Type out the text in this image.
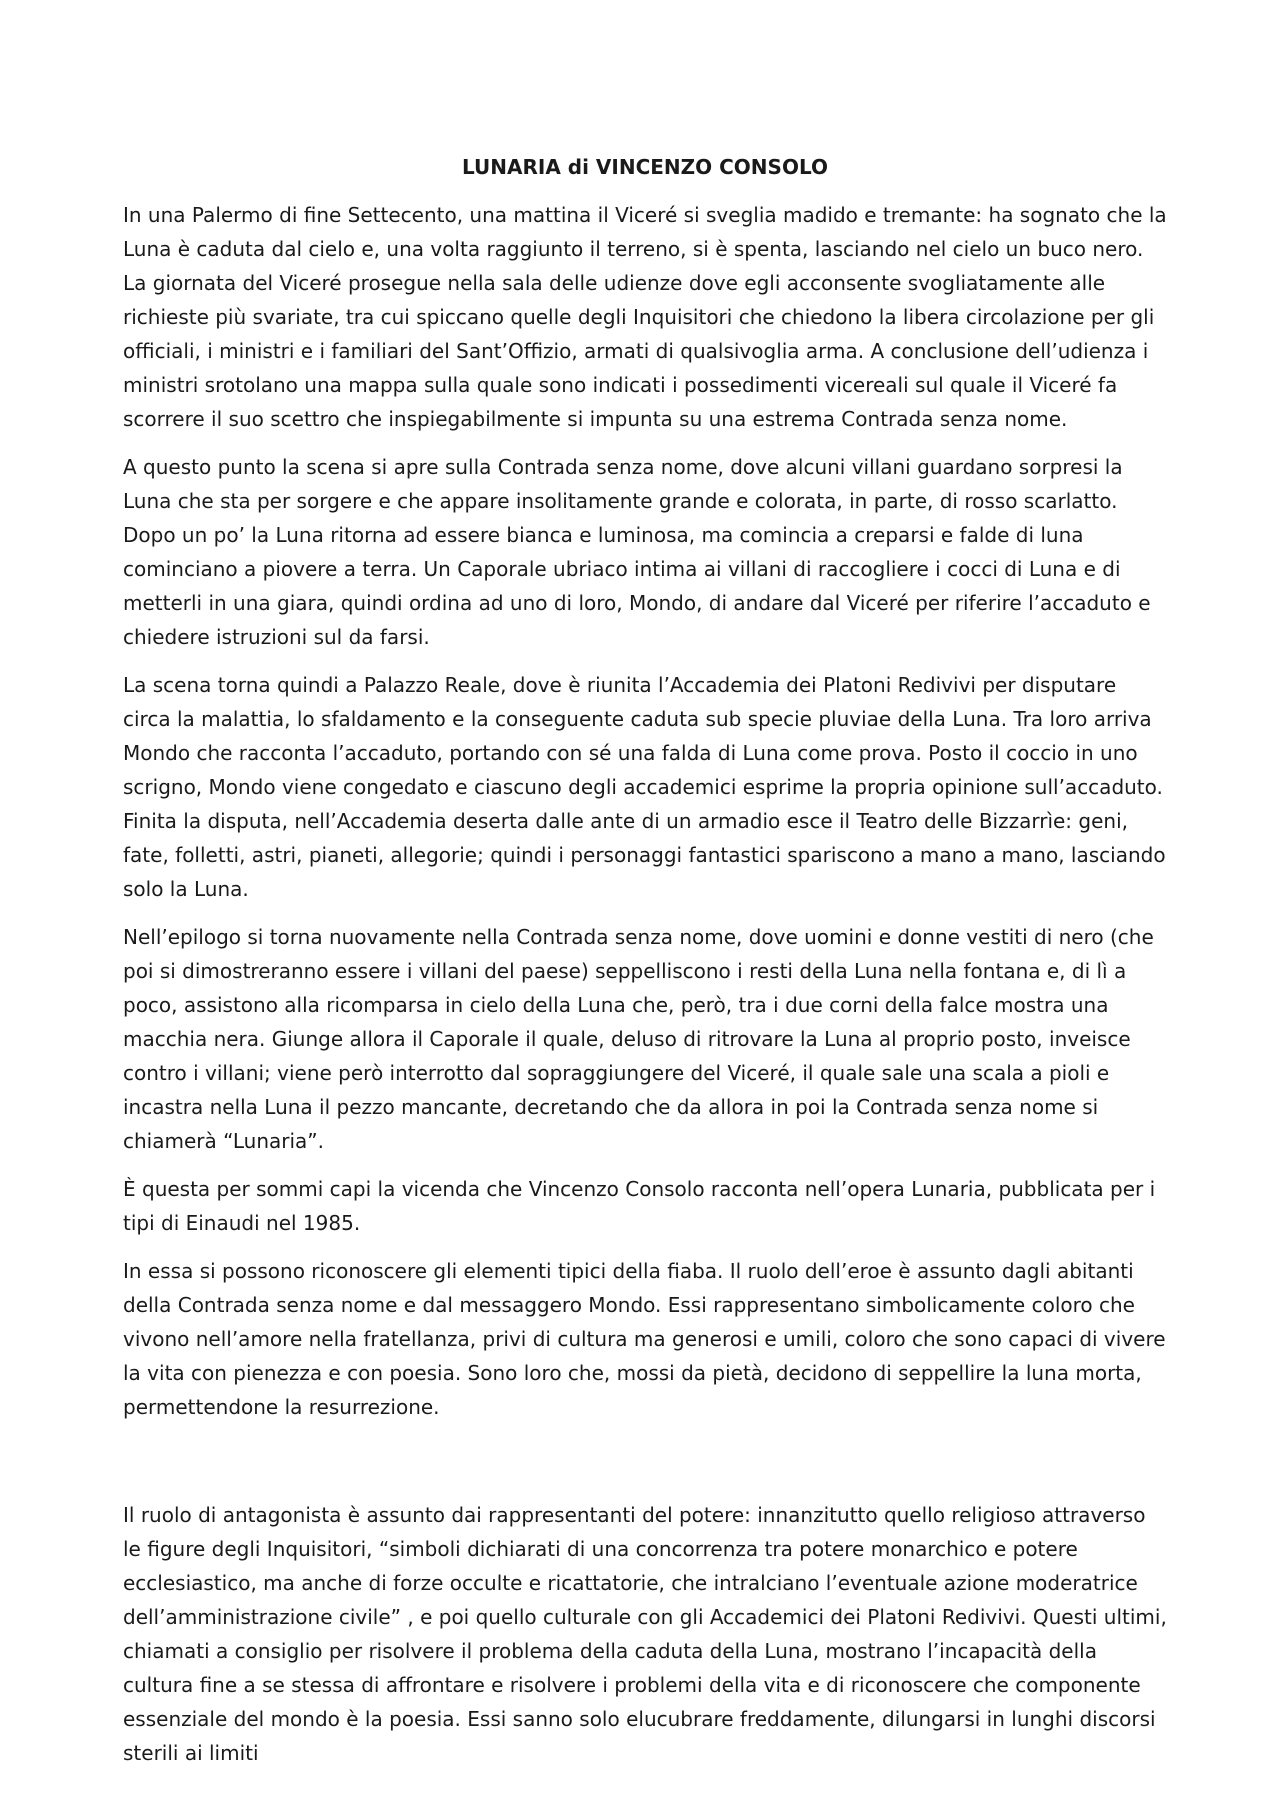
LUNARIA di VINCENZO CONSOLO

In una Palermo di fine Settecento, una mattina il Viceré si sveglia madido e tremante: ha sognato che la Luna è caduta dal cielo e, una volta raggiunto il terreno, si è spenta, lasciando nel cielo un buco nero. La giornata del Viceré prosegue nella sala delle udienze dove egli acconsente svogliatamente alle richieste più svariate, tra cui spiccano quelle degli Inquisitori che chiedono la libera circolazione per gli officiali, i ministri e i familiari del Sant’Offizio, armati di qualsivoglia arma. A conclusione dell’udienza i ministri srotolano una mappa sulla quale sono indicati i possedimenti vicereali sul quale il Viceré fa scorrere il suo scettro che inspiegabilmente si impunta su una estrema Contrada senza nome.

A questo punto la scena si apre sulla Contrada senza nome, dove alcuni villani guardano sorpresi la Luna che sta per sorgere e che appare insolitamente grande e colorata, in parte, di rosso scarlatto. Dopo un po’ la Luna ritorna ad essere bianca e luminosa, ma comincia a creparsi e falde di luna cominciano a piovere a terra. Un Caporale ubriaco intima ai villani di raccogliere i cocci di Luna e di metterli in una giara, quindi ordina ad uno di loro, Mondo, di andare dal Viceré per riferire l’accaduto e chiedere istruzioni sul da farsi.

La scena torna quindi a Palazzo Reale, dove è riunita l’Accademia dei Platoni Redivivi per disputare circa la malattia, lo sfaldamento e la conseguente caduta sub specie pluviae della Luna. Tra loro arriva Mondo che racconta l’accaduto, portando con sé una falda di Luna come prova. Posto il coccio in uno scrigno, Mondo viene congedato e ciascuno degli accademici esprime la propria opinione sull’accaduto. Finita la disputa, nell’Accademia deserta dalle ante di un armadio esce il Teatro delle Bizzarrìe: geni, fate, folletti, astri, pianeti, allegorie; quindi i personaggi fantastici spariscono a mano a mano, lasciando solo la Luna.

Nell’epilogo si torna nuovamente nella Contrada senza nome, dove uomini e donne vestiti di nero (che poi si dimostreranno essere i villani del paese) seppelliscono i resti della Luna nella fontana e, di lì a poco, assistono alla ricomparsa in cielo della Luna che, però, tra i due corni della falce mostra una macchia nera. Giunge allora il Caporale il quale, deluso di ritrovare la Luna al proprio posto, inveisce contro i villani; viene però interrotto dal sopraggiungere del Viceré, il quale sale una scala a pioli e incastra nella Luna il pezzo mancante, decretando che da allora in poi la Contrada senza nome si chiamerà “Lunaria”.

È questa per sommi capi la vicenda che Vincenzo Consolo racconta nell’opera Lunaria, pubblicata per i tipi di Einaudi nel 1985.

In essa si possono riconoscere gli elementi tipici della fiaba. Il ruolo dell’eroe è assunto dagli abitanti della Contrada senza nome e dal messaggero Mondo. Essi rappresentano simbolicamente coloro che vivono nell’amore nella fratellanza, privi di cultura ma generosi e umili, coloro che sono capaci di vivere la vita con pienezza e con poesia. Sono loro che, mossi da pietà, decidono di seppellire la luna morta, permettendone la resurrezione.

Il ruolo di antagonista è assunto dai rappresentanti del potere: innanzitutto quello religioso attraverso le figure degli Inquisitori, “simboli dichiarati di una concorrenza tra potere monarchico e potere ecclesiastico, ma anche di forze occulte e ricattatorie, che intralciano l’eventuale azione moderatrice dell’amministrazione civile” , e poi quello culturale con gli Accademici dei Platoni Redivivi. Questi ultimi, chiamati a consiglio per risolvere il problema della caduta della Luna, mostrano l’incapacità della cultura fine a se stessa di affrontare e risolvere i problemi della vita e di riconoscere che componente essenziale del mondo è la poesia. Essi sanno solo elucubrare freddamente, dilungarsi in lunghi discorsi sterili ai limiti
